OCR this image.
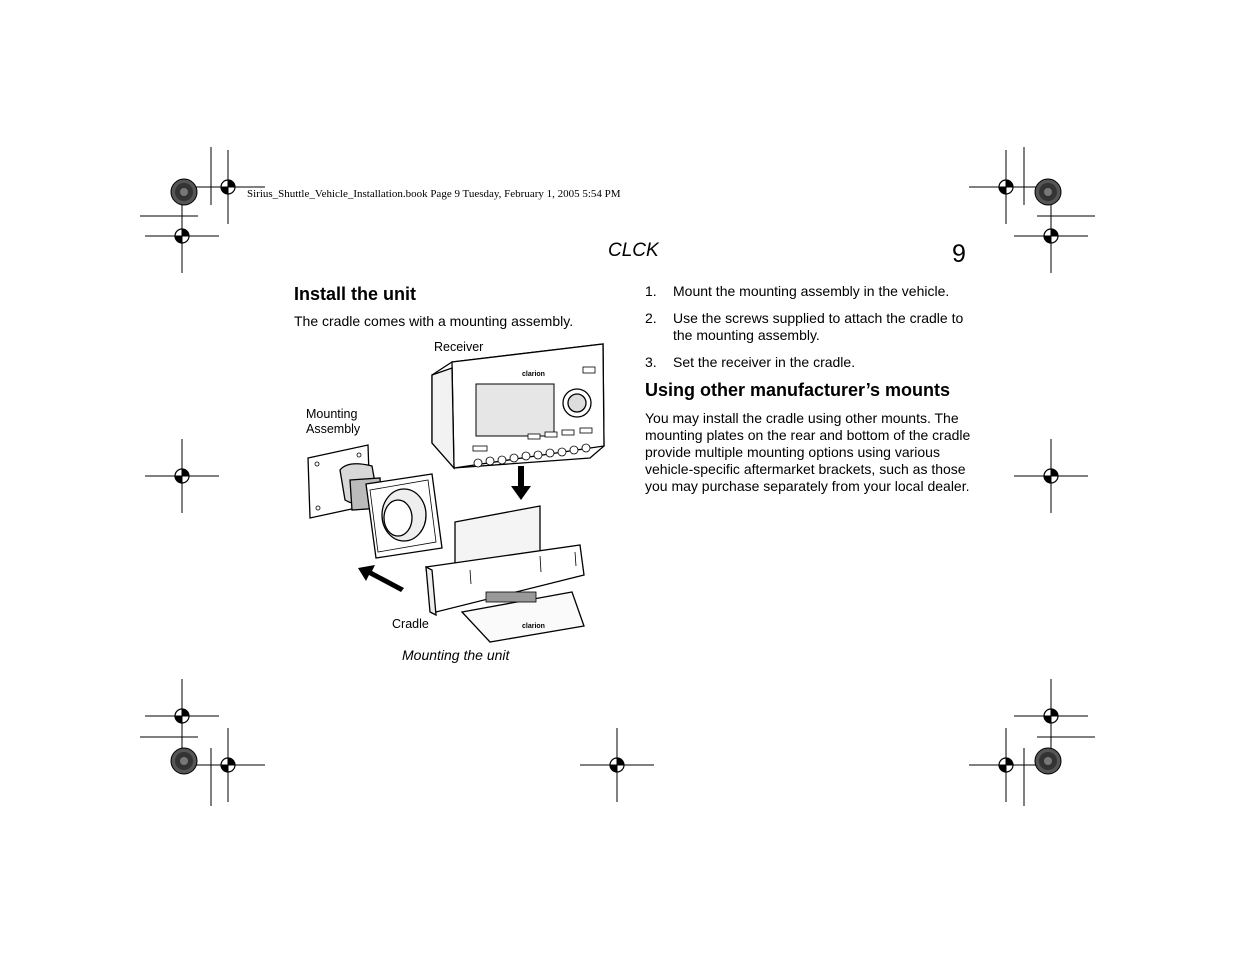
Sirius_Shuttle_Vehicle_Installation.book Page 9 Tuesday, February 1, 2005 5:54 PM
CLCK	9
Install the unit
The cradle comes with a mounting assembly.
Receiver
Mounting
Assembly
Cradle
clarion
clarion
Mounting the unit
1. Mount the mounting assembly in the vehicle.
2. Use the screws supplied to attach the cradle to the mounting assembly.
3. Set the receiver in the cradle.
Using other manufacturer’s mounts
You may install the cradle using other mounts. The mounting plates on the rear and bottom of the cradle provide multiple mounting options using various vehicle-specific aftermarket brackets, such as those you may purchase separately from your local dealer.
